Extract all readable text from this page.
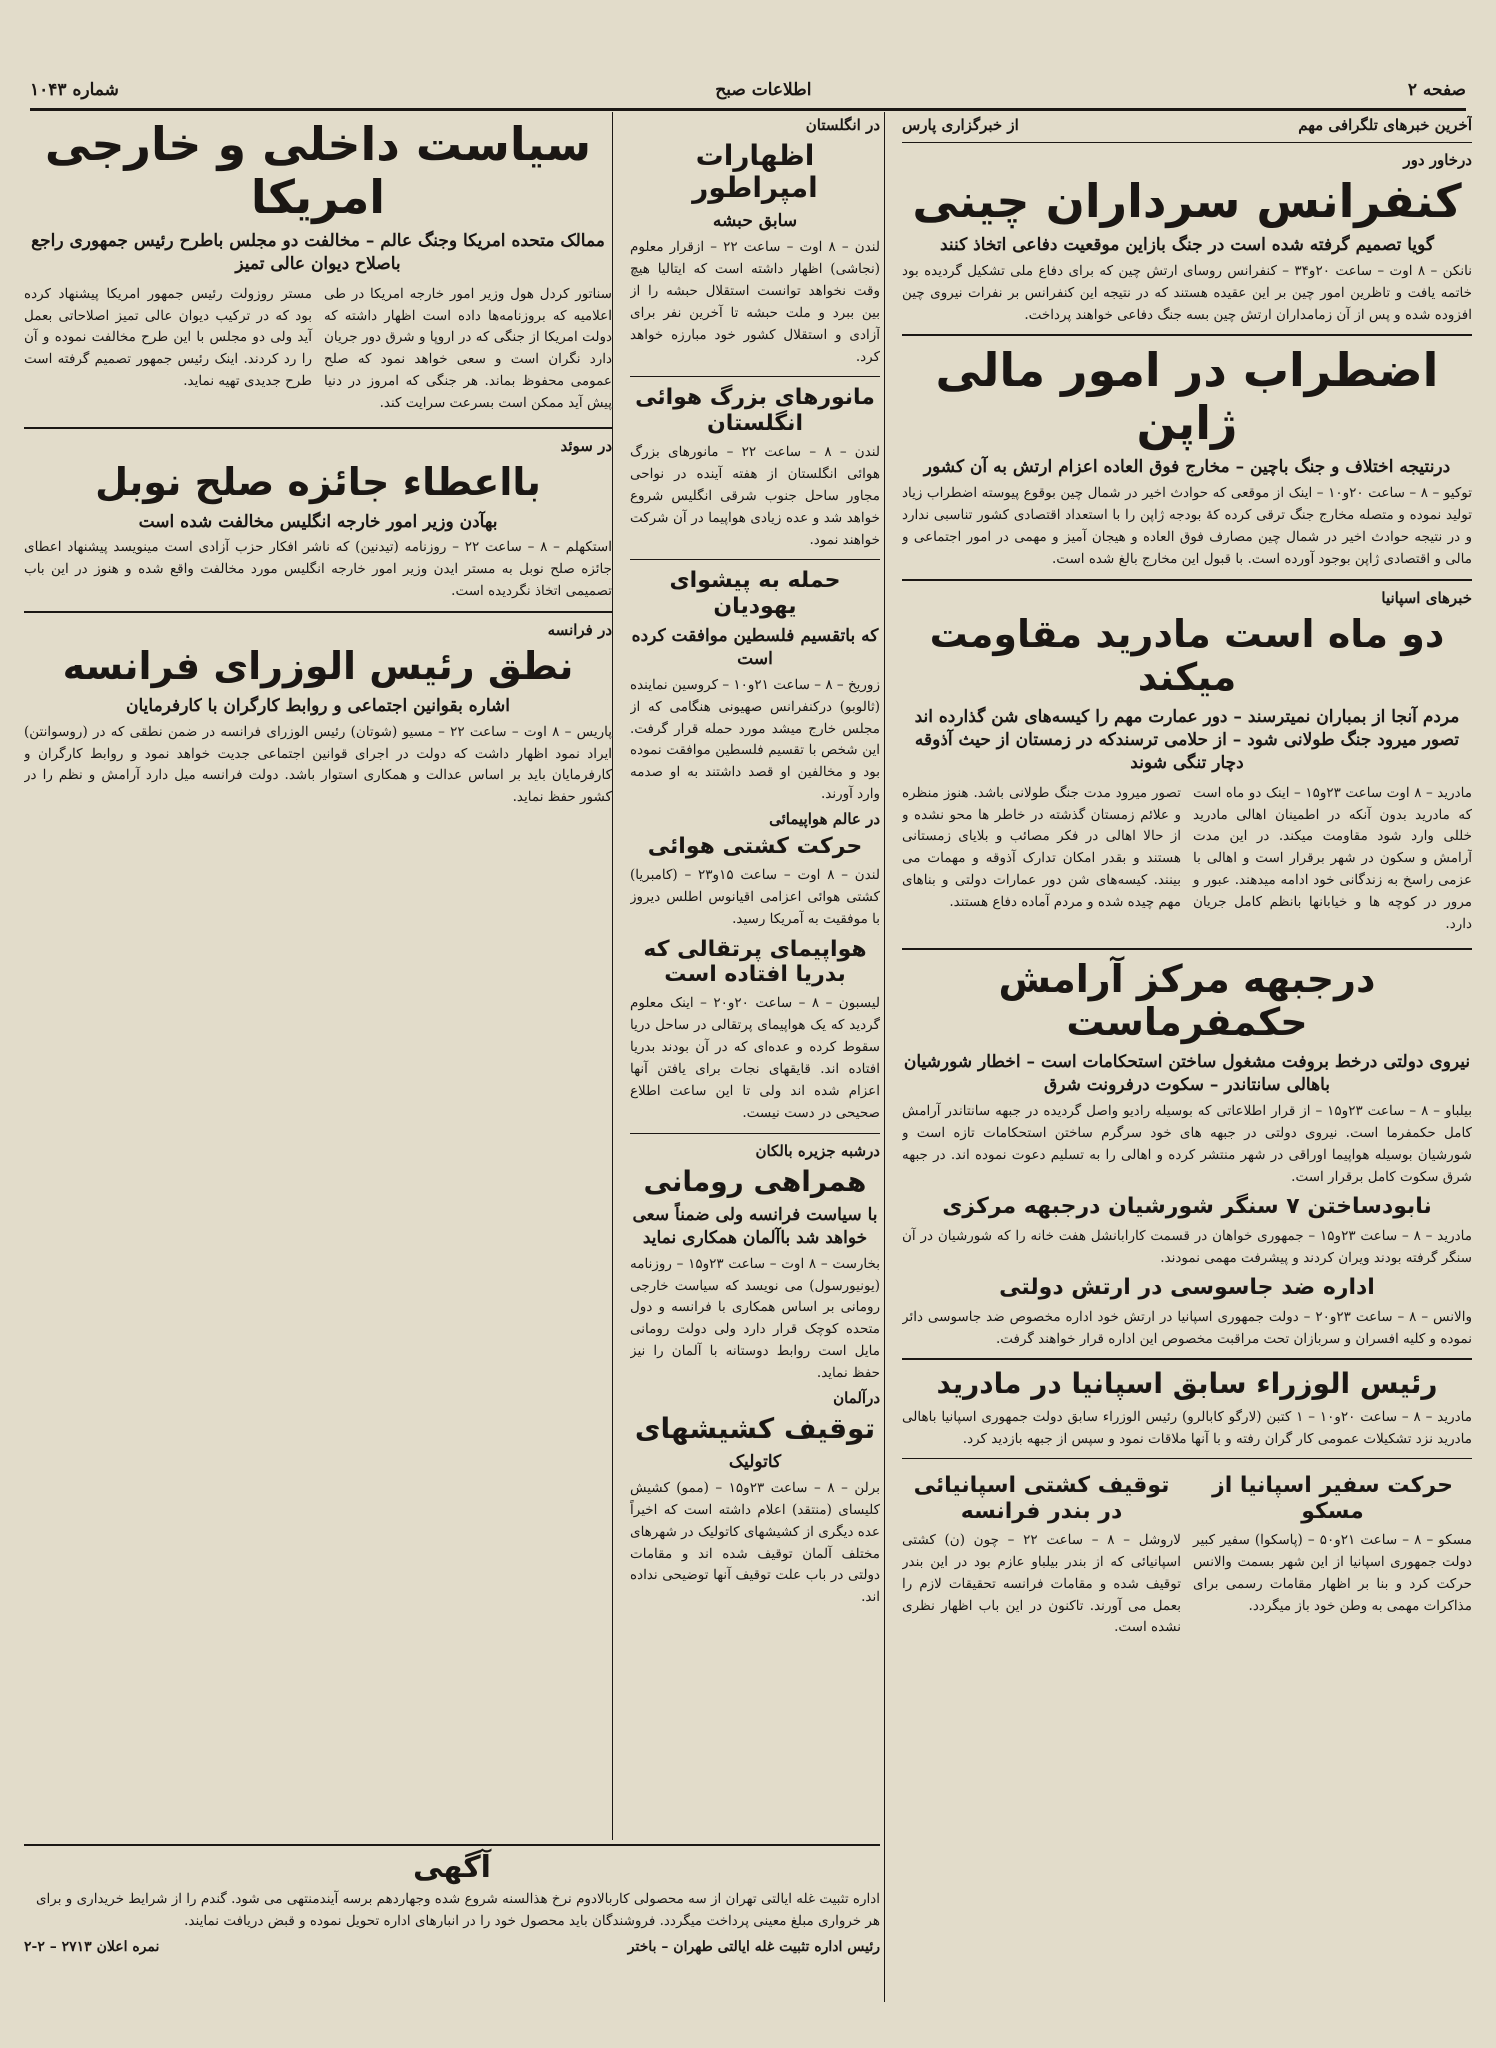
صفحه ۲
اطلاعات صبح
شماره ۱۰۴۳
آخرین خبرهای تلگرافی مهم
از خبرگزاری پارس
درخاور دور
کنفرانس سرداران چینی
گویا تصمیم گرفته شده است در جنگ بازاین موقعیت دفاعی اتخاذ کنند
نانکن – ۸ اوت – ساعت ۲۰و۳۴ – کنفرانس روسای ارتش چین که برای دفاع ملی تشکیل گردیده بود خاتمه یافت و تاظرین امور چین بر این عقیده هستند که در نتیجه این کنفرانس بر نفرات نیروی چین افزوده شده و پس از آن زمامداران ارتش چین بسه جنگ دفاعی خواهند پرداخت.
اضطراب در امور مالی ژاپن
درنتیجه اختلاف و جنگ باچین – مخارج فوق العاده اعزام ارتش به آن کشور
توکیو – ۸ – ساعت ۲۰و۱۰ – اینک از موقعی که حوادث اخیر در شمال چین بوقوع پیوسته اضطراب زیاد تولید نموده و متصله مخارج جنگ ترقی کرده کهٔ بودجه ژاپن را با استعداد اقتصادی کشور تناسبی ندارد و در نتیجه حوادث اخیر در شمال چین مصارف فوق العاده و هیجان آمیز و مهمی در امور اجتماعی و مالی و اقتصادی ژاپن بوجود آورده است. با قبول این مخارج بالغ شده است.
خبرهای اسپانیا
دو ماه است مادرید مقاومت میکند
مردم آنجا از بمباران نمیترسند – دور عمارت مهم را کیسه‌های شن گذارده اند تصور میرود جنگ طولانی شود – از حلامی ترسندکه در زمستان از حیث آذوقه دچار تنگی شوند
مادرید – ۸ اوت ساعت ۲۳و۱۵ – اینک دو ماه است که مادرید بدون آنکه در اطمینان اهالی مادرید خللی وارد شود مقاومت میکند. در این مدت آرامش و سکون در شهر برقرار است و اهالی با عزمی راسخ به زندگانی خود ادامه میدهند. عبور و مرور در کوچه ها و خیابانها بانظم کامل جریان دارد.
تصور میرود مدت جنگ طولانی باشد. هنوز منظره و علائم زمستان گذشته در خاطر ها محو نشده و از حالا اهالی در فکر مصائب و بلایای زمستانی هستند و بقدر امکان تدارک آذوقه و مهمات می بینند. کیسه‌های شن دور عمارات دولتی و بناهای مهم چیده شده و مردم آماده دفاع هستند.
درجبهه مرکز آرامش حکمفرماست
نیروی دولتی درخط بروفت مشغول ساختن استحکامات است – اخطار شورشیان باهالی سانتاندر – سکوت درفرونت شرق
بیلباو – ۸ – ساعت ۲۳و۱۵ – از قرار اطلاعاتی که بوسیله رادیو واصل گردیده در جبهه سانتاندر آرامش کامل حکمفرما است. نیروی دولتی در جبهه های خود سرگرم ساختن استحکامات تازه است و شورشیان بوسیله هواپیما اوراقی در شهر منتشر کرده و اهالی را به تسلیم دعوت نموده اند. در جبهه شرق سکوت کامل برقرار است.
نابودساختن ۷ سنگر شورشیان درجبهه مرکزی
مادرید – ۸ – ساعت ۲۳و۱۵ – جمهوری خواهان در قسمت کارابانشل هفت خانه را که شورشیان در آن سنگر گرفته بودند ویران کردند و پیشرفت مهمی نمودند.
اداره ضد جاسوسی در ارتش دولتی
والانس – ۸ – ساعت ۲۳و۲۰ – دولت جمهوری اسپانیا در ارتش خود اداره مخصوص ضد جاسوسی دائر نموده و کلیه افسران و سربازان تحت مراقبت مخصوص این اداره قرار خواهند گرفت.
رئیس الوزراء سابق اسپانیا در مادرید
مادرید – ۸ – ساعت ۲۰و۱۰ – ۱ کتبن (لارگو کابالرو) رئیس الوزراء سابق دولت جمهوری اسپانیا باهالی مادرید نزد تشکیلات عمومی کار گران رفته و با آنها ملاقات نمود و سپس از جبهه بازدید کرد.
حرکت سفیر اسپانیا از مسکو
مسکو – ۸ – ساعت ۲۱و۵۰ – (پاسکوا) سفیر کبیر دولت جمهوری اسپانیا از این شهر بسمت والانس حرکت کرد و بنا بر اظهار مقامات رسمی برای مذاکرات مهمی به وطن خود باز میگردد.
توقیف کشتی اسپانیائی در بندر فرانسه
لاروشل – ۸ – ساعت ۲۲ – چون (ن) کشتی اسپانیائی که از بندر بیلباو عازم بود در این بندر توقیف شده و مقامات فرانسه تحقیقات لازم را بعمل می آورند. تاکنون در این باب اظهار نظری نشده است.
در انگلستان
اظهارات امپراطور
سابق حبشه
لندن – ۸ اوت – ساعت ۲۲ – ازقرار معلوم (نجاشی) اظهار داشته است که ایتالیا هیچ وقت نخواهد توانست استقلال حبشه را از بین ببرد و ملت حبشه تا آخرین نفر برای آزادی و استقلال کشور خود مبارزه خواهد کرد.
مانورهای بزرگ هوائی انگلستان
لندن – ۸ – ساعت ۲۲ – مانورهای بزرگ هوائی انگلستان از هفته آینده در نواحی مجاور ساحل جنوب شرقی انگلیس شروع خواهد شد و عده زیادی هواپیما در آن شرکت خواهند نمود.
حمله به پیشوای یهودیان
که باتقسیم فلسطین موافقت کرده است
زوریخ – ۸ – ساعت ۲۱و۱۰ – کروسین نماینده (ثالوبو) درکنفرانس صهیونی هنگامی که از مجلس خارج میشد مورد حمله قرار گرفت. این شخص با تقسیم فلسطین موافقت نموده بود و مخالفین او قصد داشتند به او صدمه وارد آورند.
در عالم هواپیمائی
حرکت کشتی هوائی
لندن – ۸ اوت – ساعت ۱۵و۲۳ – (کامبریا) کشتی هوائی اعزامی اقیانوس اطلس دیروز با موفقیت به آمریکا رسید.
هواپیمای پرتقالی که بدریا افتاده است
لیسبون – ۸ – ساعت ۲۰و۲۰ – اینک معلوم گردید که یک هواپیمای پرتقالی در ساحل دریا سقوط کرده و عده‌ای که در آن بودند بدریا افتاده اند. قایقهای نجات برای یافتن آنها اعزام شده اند ولی تا این ساعت اطلاع صحیحی در دست نیست.
درشبه جزیره بالکان
همراهی رومانی
با سیاست فرانسه ولی ضمناً سعی خواهد شد باآلمان همکاری نماید
بخارست – ۸ اوت – ساعت ۲۳و۱۵ – روزنامه (یونیورسول) می نویسد که سیاست خارجی رومانی بر اساس همکاری با فرانسه و دول متحده کوچک قرار دارد ولی دولت رومانی مایل است روابط دوستانه با آلمان را نیز حفظ نماید.
درآلمان
توقیف کشیشهای
کاتولیک
برلن – ۸ – ساعت ۲۳و۱۵ – (ممو) کشیش کلیسای (منتقد) اعلام داشته است که اخیراً عده دیگری از کشیشهای کاتولیک در شهرهای مختلف آلمان توقیف شده اند و مقامات دولتی در باب علت توقیف آنها توضیحی نداده اند.
سیاست داخلی و خارجی امریکا
ممالک متحده امریکا وجنگ عالم – مخالفت دو مجلس باطرح رئیس جمهوری راجع باصلاح دیوان عالی تمیز
سناتور کردل هول وزیر امور خارجه امریکا در طی اعلامیه که بروزنامه‌ها داده است اظهار داشته که دولت امریکا از جنگی که در اروپا و شرق دور جریان دارد نگران است و سعی خواهد نمود که صلح عمومی محفوظ بماند. هر جنگی که امروز در دنیا پیش آید ممکن است بسرعت سرایت کند.
مستر روزولت رئیس جمهور امریکا پیشنهاد کرده بود که در ترکیب دیوان عالی تمیز اصلاحاتی بعمل آید ولی دو مجلس با این طرح مخالفت نموده و آن را رد کردند. اینک رئیس جمهور تصمیم گرفته است طرح جدیدی تهیه نماید.
در سوئد
بااعطاء جائزه صلح نوبل
بهآدن وزیر امور خارجه انگلیس مخالفت شده است
استکهلم – ۸ – ساعت ۲۲ – روزنامه (تیدنین) که ناشر افکار حزب آزادی است مینویسد پیشنهاد اعطای جائزه صلح نوبل به مستر ایدن وزیر امور خارجه انگلیس مورد مخالفت واقع شده و هنوز در این باب تصمیمی اتخاذ نگردیده است.
در فرانسه
نطق رئیس الوزرای فرانسه
اشاره بقوانین اجتماعی و روابط کارگران با کارفرمایان
پاریس – ۸ اوت – ساعت ۲۲ – مسیو (شوتان) رئیس الوزرای فرانسه در ضمن نطقی که در (روسوانتن) ایراد نمود اظهار داشت که دولت در اجرای قوانین اجتماعی جدیت خواهد نمود و روابط کارگران و کارفرمایان باید بر اساس عدالت و همکاری استوار باشد. دولت فرانسه میل دارد آرامش و نظم را در کشور حفظ نماید.
آگهی
اداره تثبیت غله ایالتی تهران از سه محصولی کاربالادوم نرخ هذالسنه شروع شده وجهاردهم برسه آیندمنتهی می شود. گندم را از شرایط خریداری و برای هر خرواری مبلغ معینی پرداخت میگردد. فروشندگان باید محصول خود را در انبارهای اداره تحویل نموده و قبض دریافت نمایند.
رئیس اداره تثبیت غله ایالتی طهران – باختر
نمره اعلان ۲۷۱۳ – ۲-۲
